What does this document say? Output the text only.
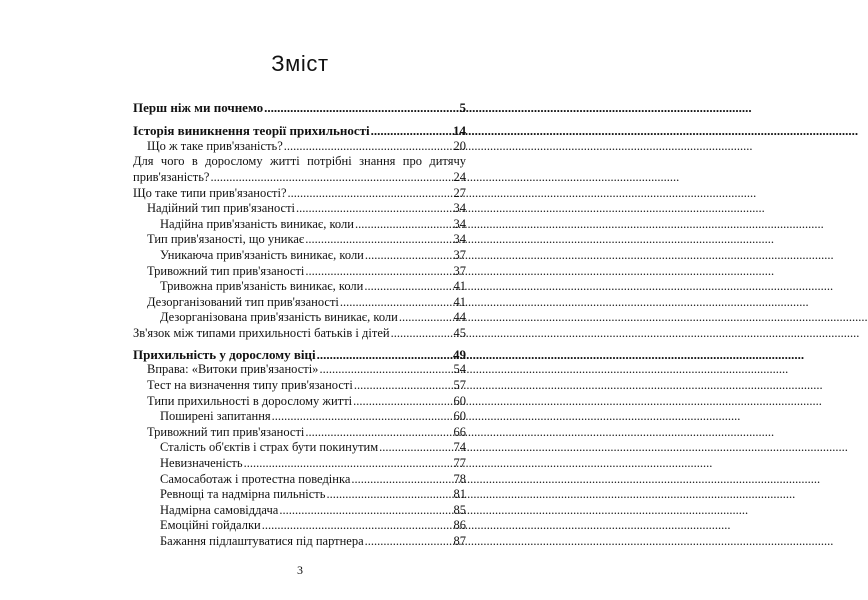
Зміст
Перш ніж ми почнемо .....	5
Історія виникнення теорії прихильності .....	14
Що ж таке прив'язаність? .....	20
Для чого в дорослому житті потрібні знання про дитячу
прив'язаність? .....	24
Що таке типи прив'язаності? .....	27
Надійний тип прив'язаності .....	34
Надійна прив'язаність виникає, коли .....	34
Тип прив'язаності, що уникає .....	34
Уникаюча прив'язаність виникає, коли .....	37
Тривожний тип прив'язаності .....	37
Тривожна прив'язаність виникає, коли .....	41
Дезорганізований тип прив'язаності .....	41
Дезорганізована прив'язаність виникає, коли .....	44
Зв'язок між типами прихильності батьків і дітей .....	45
Прихильність у дорослому віці .....	49
Вправа: «Витоки прив'язаності» .....	54
Тест на визначення типу прив'язаності .....	57
Типи прихильності в дорослому житті .....	60
Поширені запитання .....	60
Тривожний тип прив'язаності .....	66
Сталість об'єктів і страх бути покинутим .....	74
Невизначеність .....	77
Самосаботаж і протестна поведінка .....	78
Ревнощі та надмірна пильність .....	81
Надмірна самовіддача .....	85
Емоційні гойдалки .....	86
Бажання підлаштуватися під партнера .....	87
3
